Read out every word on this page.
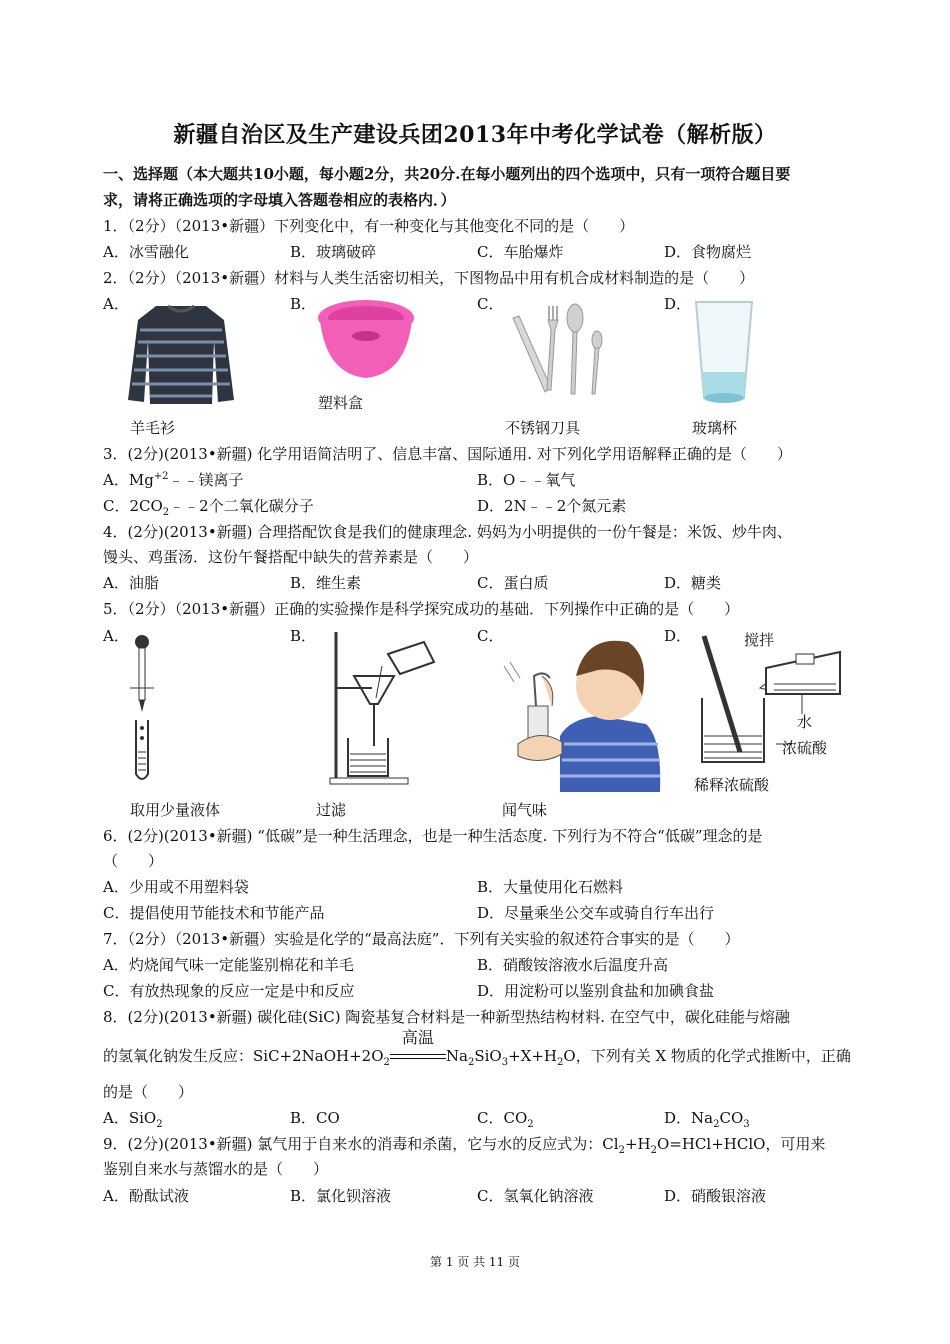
新疆自治区及生产建设兵团2013年中考化学试卷（解析版）
一、选择题（本大题共10小题，每小题2分，共20分.在每小题列出的四个选项中，只有一项符合题目要
求，请将正确选项的字母填入答题卷相应的表格内．）
1．（2分）（2013•新疆）下列变化中，有一种变化与其他变化不同的是（　　）
A．冰雪融化	B．玻璃破碎	C．车胎爆炸	D．食物腐烂
2．（2分）（2013•新疆）材料与人类生活密切相关，下图物品中用有机合成材料制造的是（　　）
A．	B．	C．	D．
羊毛衫
塑料盒
不锈钢刀具	玻璃杯
3．(2分)(2013•新疆) 化学用语简洁明了、信息丰富、国际通用. 对下列化学用语解释正确的是（　　）
A．$Mg^{+2}﹣﹣$镁离子	B．O﹣﹣氧气
C．$2CO_2﹣﹣2$个二氧化碳分子	D．2N﹣﹣2个氮元素
4．(2分)(2013•新疆) 合理搭配饮食是我们的健康理念. 妈妈为小明提供的一份午餐是：米饭、炒牛肉、
馒头、鸡蛋汤．这份午餐搭配中缺失的营养素是（　　）
A．油脂	B．维生素	C．蛋白质	D．糖类
5．（2分）（2013•新疆）正确的实验操作是科学探究成功的基础．下列操作中正确的是（　　）
A．	B．	C．	D．	搅拌
水
浓硫酸
取用少量液体	过滤	闻气味
稀释浓硫酸
6．(2分)(2013•新疆) “低碳”是一种生活理念，也是一种生活态度. 下列行为不符合“低碳”理念的是
（　　）
A．少用或不用塑料袋	B．大量使用化石燃料
C．提倡使用节能技术和节能产品	D．尽量乘坐公交车或骑自行车出行
7．（2分）（2013•新疆）实验是化学的“最高法庭”．下列有关实验的叙述符合事实的是（　　）
A．灼烧闻气味一定能鉴别棉花和羊毛	B．硝酸铵溶液水后温度升高
C．有放热现象的反应一定是中和反应	D．用淀粉可以鉴别食盐和加碘食盐
8．(2分)(2013•新疆) 碳化硅(SiC) 陶瓷基复合材料是一种新型热结构材料. 在空气中，碳化硅能与熔融
的氢氧化钠发生反应：$SiC+2NaOH+2O_2$
高温
$Na_2SiO_3+X+H_2O$，下列有关 X 物质的化学式推断中，正确
的是（　　）
A．SiO$_2$	B．CO	C．$CO_2$	D．$Na_2CO_3$
9．(2分)(2013•新疆) 氯气用于自来水的消毒和杀菌，它与水的反应式为：$Cl_2+H_2O=HCl+HClO$，可用来
鉴别自来水与蒸馏水的是（　　）
A．酚酞试液	B．氯化钡溶液	C．氢氧化钠溶液	D．硝酸银溶液
第 1 页 共 11 页
